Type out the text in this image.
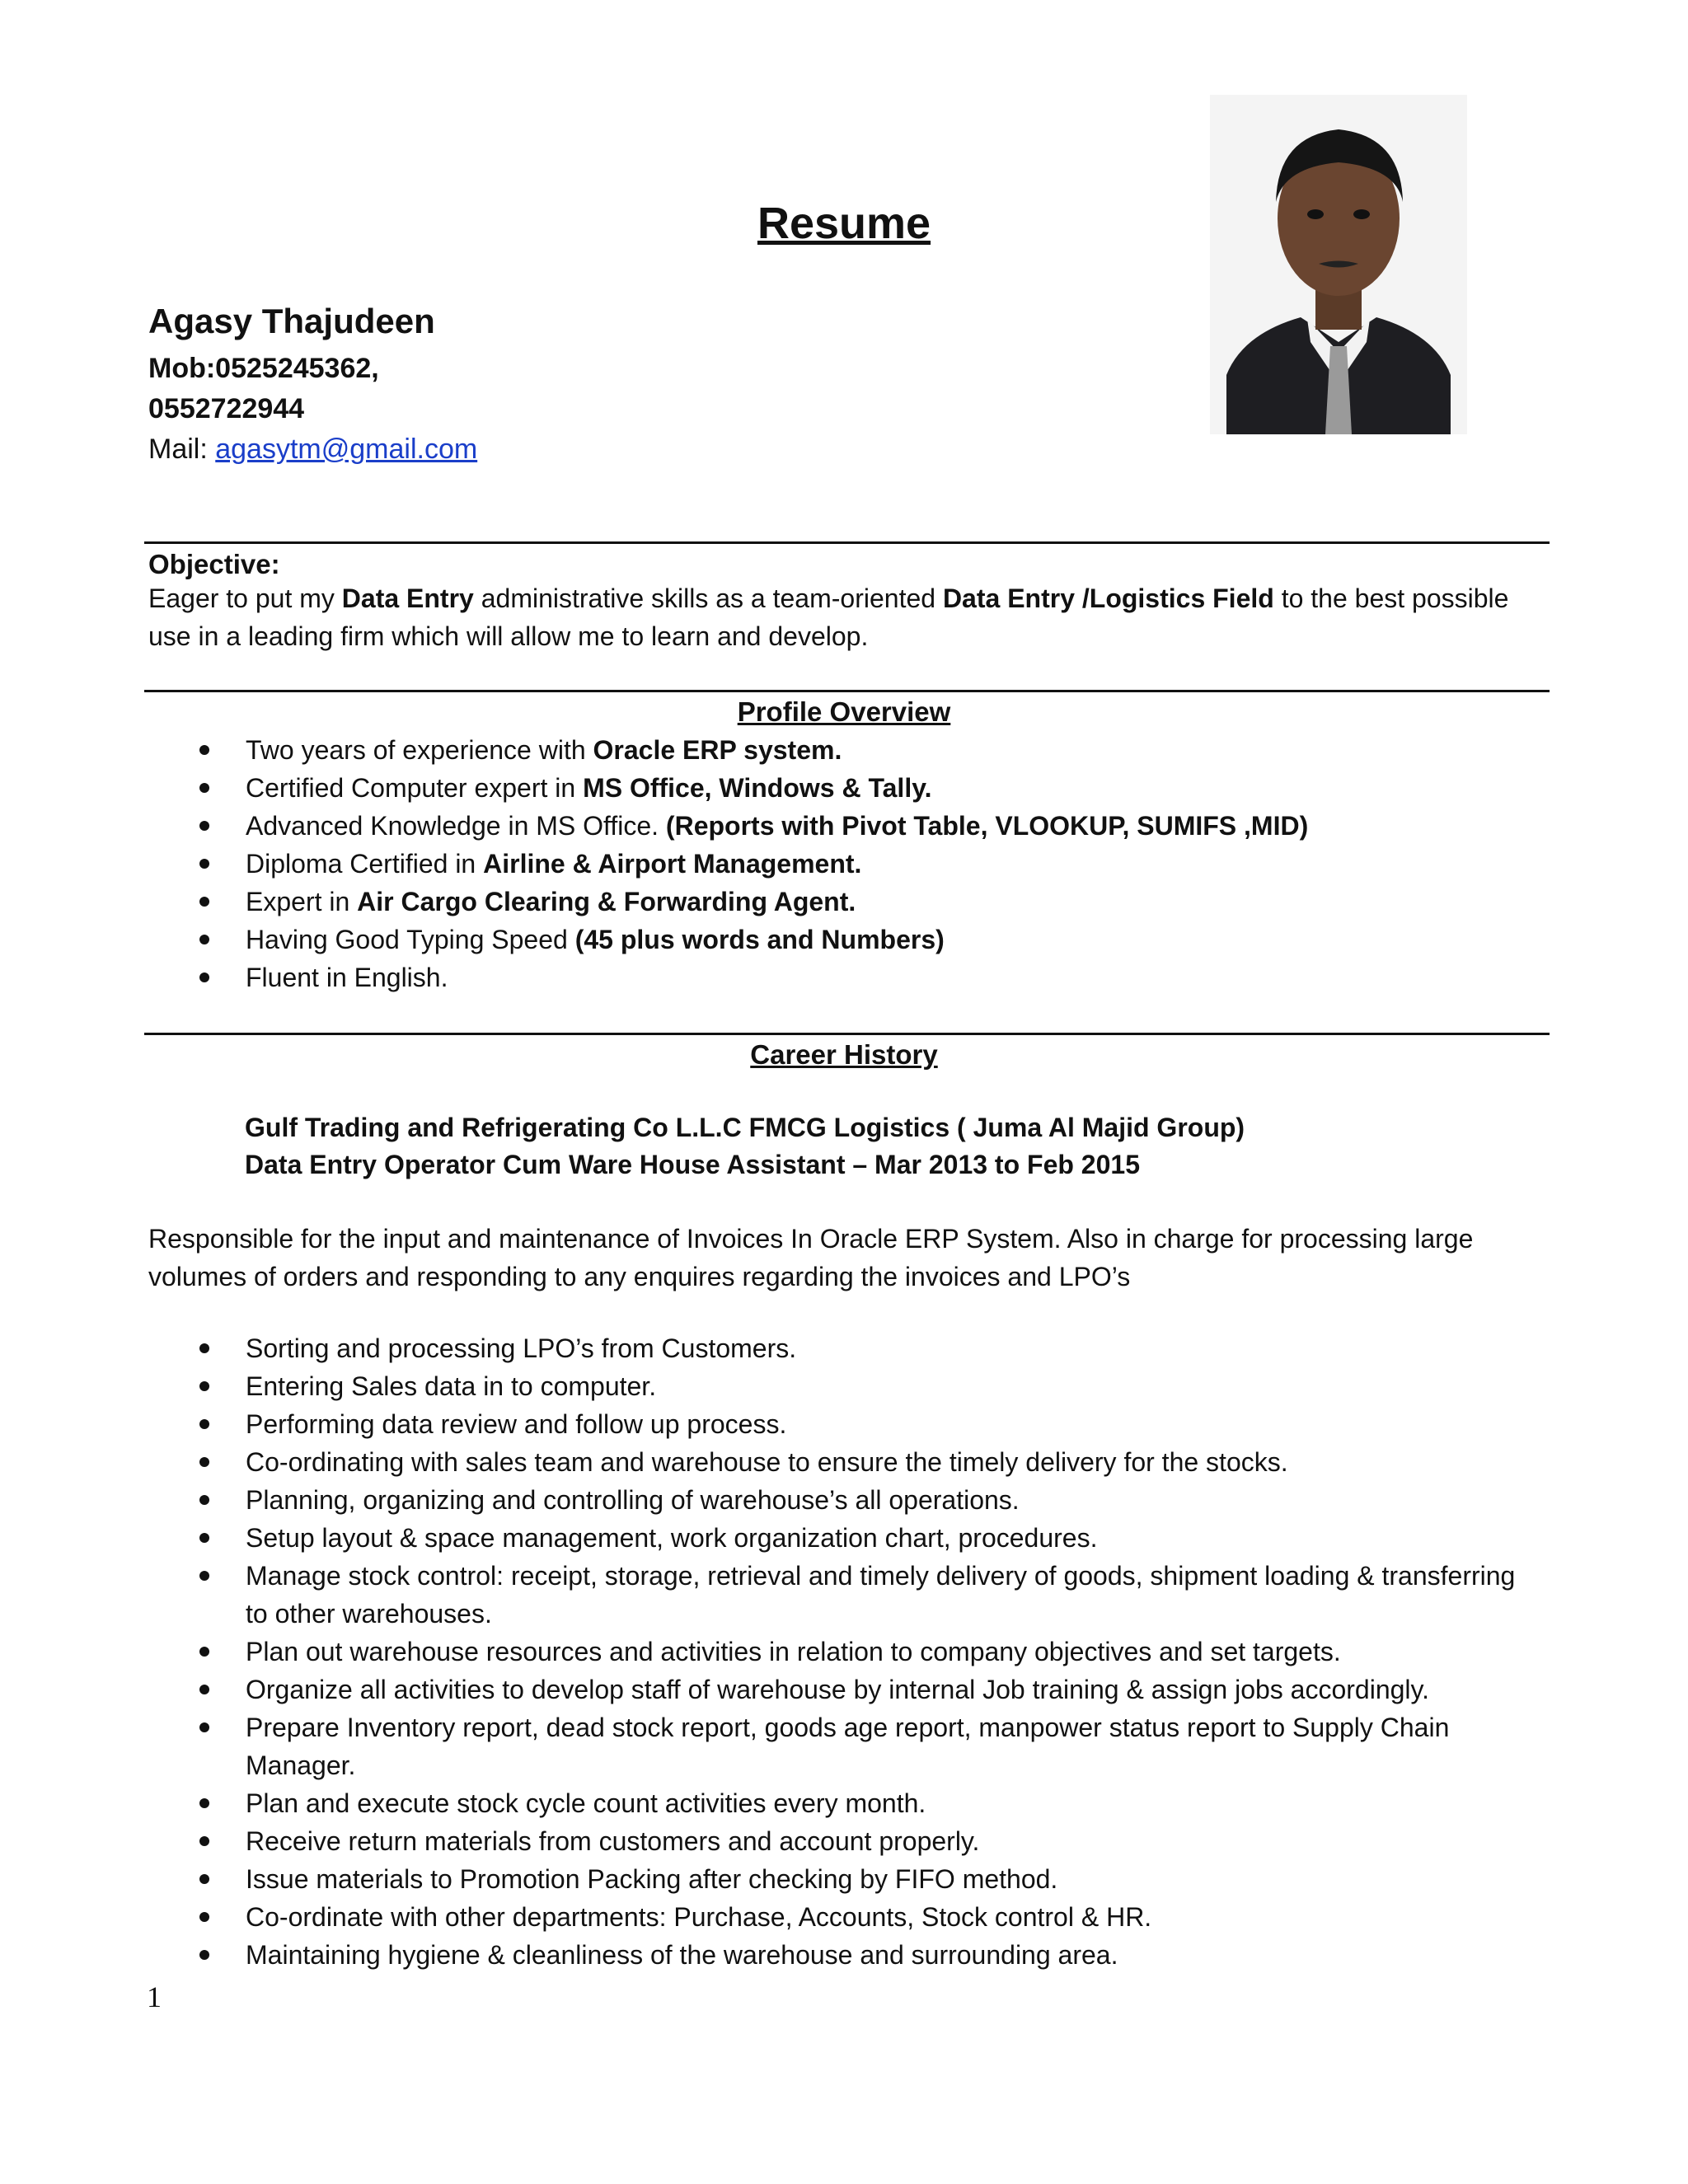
Resume
Agasy Thajudeen
Mob:0525245362,
0552722944
Mail: agasytm@gmail.com
Objective:
Eager to put my Data Entry administrative skills as a team-oriented Data Entry /Logistics Field to the best possible use in a leading firm which will allow me to learn and develop.
Profile Overview
Two years of experience with Oracle ERP system.
Certified Computer expert in MS Office, Windows & Tally.
Advanced Knowledge in MS Office. (Reports with Pivot Table, VLOOKUP, SUMIFS ,MID)
Diploma Certified in Airline & Airport Management.
Expert in Air Cargo Clearing & Forwarding Agent.
Having Good Typing Speed (45 plus words and Numbers)
Fluent in English.
Career History
Gulf Trading and Refrigerating Co L.L.C FMCG Logistics ( Juma Al Majid Group)
Data Entry Operator Cum Ware House Assistant – Mar 2013 to Feb 2015
Responsible for the input and maintenance of Invoices In Oracle ERP System. Also in charge for processing large volumes of orders and responding to any enquires regarding the invoices and LPO’s
Sorting and processing LPO’s from Customers.
Entering Sales data in to computer.
Performing data review and follow up process.
Co-ordinating with sales team and warehouse to ensure the timely delivery for the stocks.
Planning, organizing and controlling of warehouse’s all operations.
Setup layout & space management, work organization chart, procedures.
Manage stock control: receipt, storage, retrieval and timely delivery of goods, shipment loading & transferring to other warehouses.
Plan out warehouse resources and activities in relation to company objectives and set targets.
Organize all activities to develop staff of warehouse by internal Job training & assign jobs accordingly.
Prepare Inventory report, dead stock report, goods age report, manpower status report to Supply Chain Manager.
Plan and execute stock cycle count activities every month.
Receive return materials from customers and account properly.
Issue materials to Promotion Packing after checking by FIFO method.
Co-ordinate with other departments: Purchase, Accounts, Stock control & HR.
Maintaining hygiene & cleanliness of the warehouse and surrounding area.
1
